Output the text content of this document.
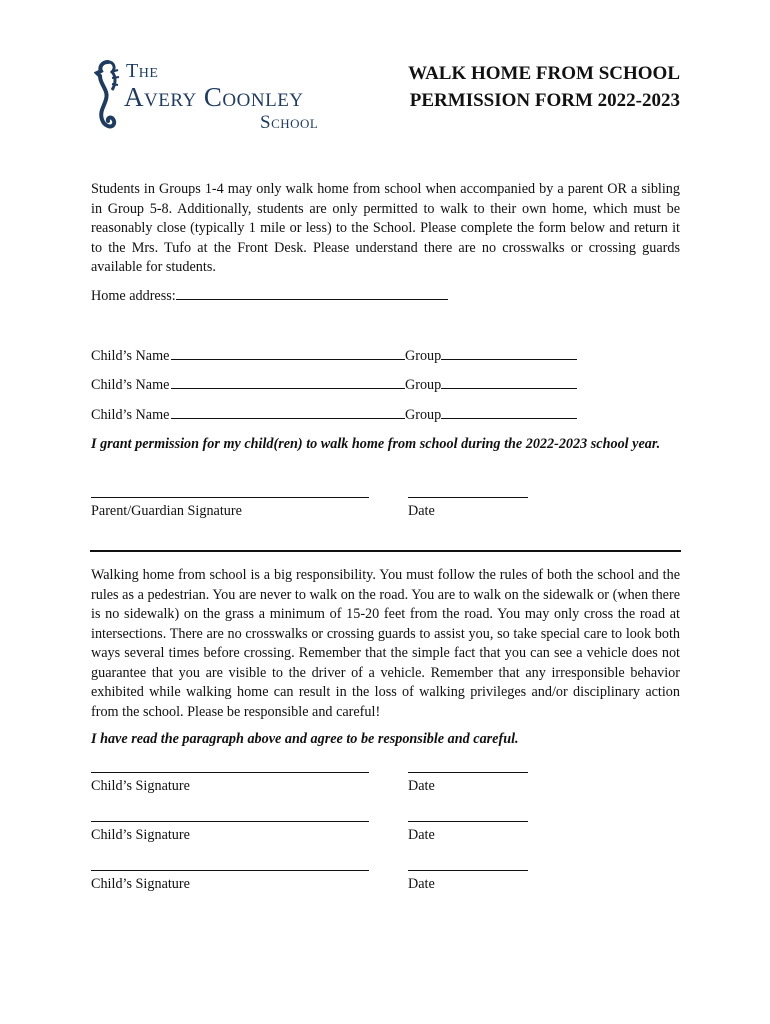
The
Avery Coonley
School
WALK HOME FROM SCHOOL
PERMISSION FORM 2022-2023
Students in Groups 1-4 may only walk home from school when accompanied by a parent OR a sibling in Group 5-8. Additionally, students are only permitted to walk to their own home, which must be reasonably close (typically 1 mile or less) to the School. Please complete the form below and return it to the Mrs. Tufo at the Front Desk. Please understand there are no crosswalks or crossing guards available for students.
Home address:
Child’s Name	Group
Child’s Name	Group
Child’s Name	Group
I grant permission for my child(ren) to walk home from school during the 2022-2023 school year.
Parent/Guardian Signature	Date
Walking home from school is a big responsibility. You must follow the rules of both the school and the rules as a pedestrian. You are never to walk on the road. You are to walk on the sidewalk or (when there is no sidewalk) on the grass a minimum of 15-20 feet from the road. You may only cross the road at intersections. There are no crosswalks or crossing guards to assist you, so take special care to look both ways several times before crossing. Remember that the simple fact that you can see a vehicle does not guarantee that you are visible to the driver of a vehicle. Remember that any irresponsible behavior exhibited while walking home can result in the loss of walking privileges and/or disciplinary action from the school. Please be responsible and careful!
I have read the paragraph above and agree to be responsible and careful.
Child’s Signature	Date
Child’s Signature	Date
Child’s Signature	Date
